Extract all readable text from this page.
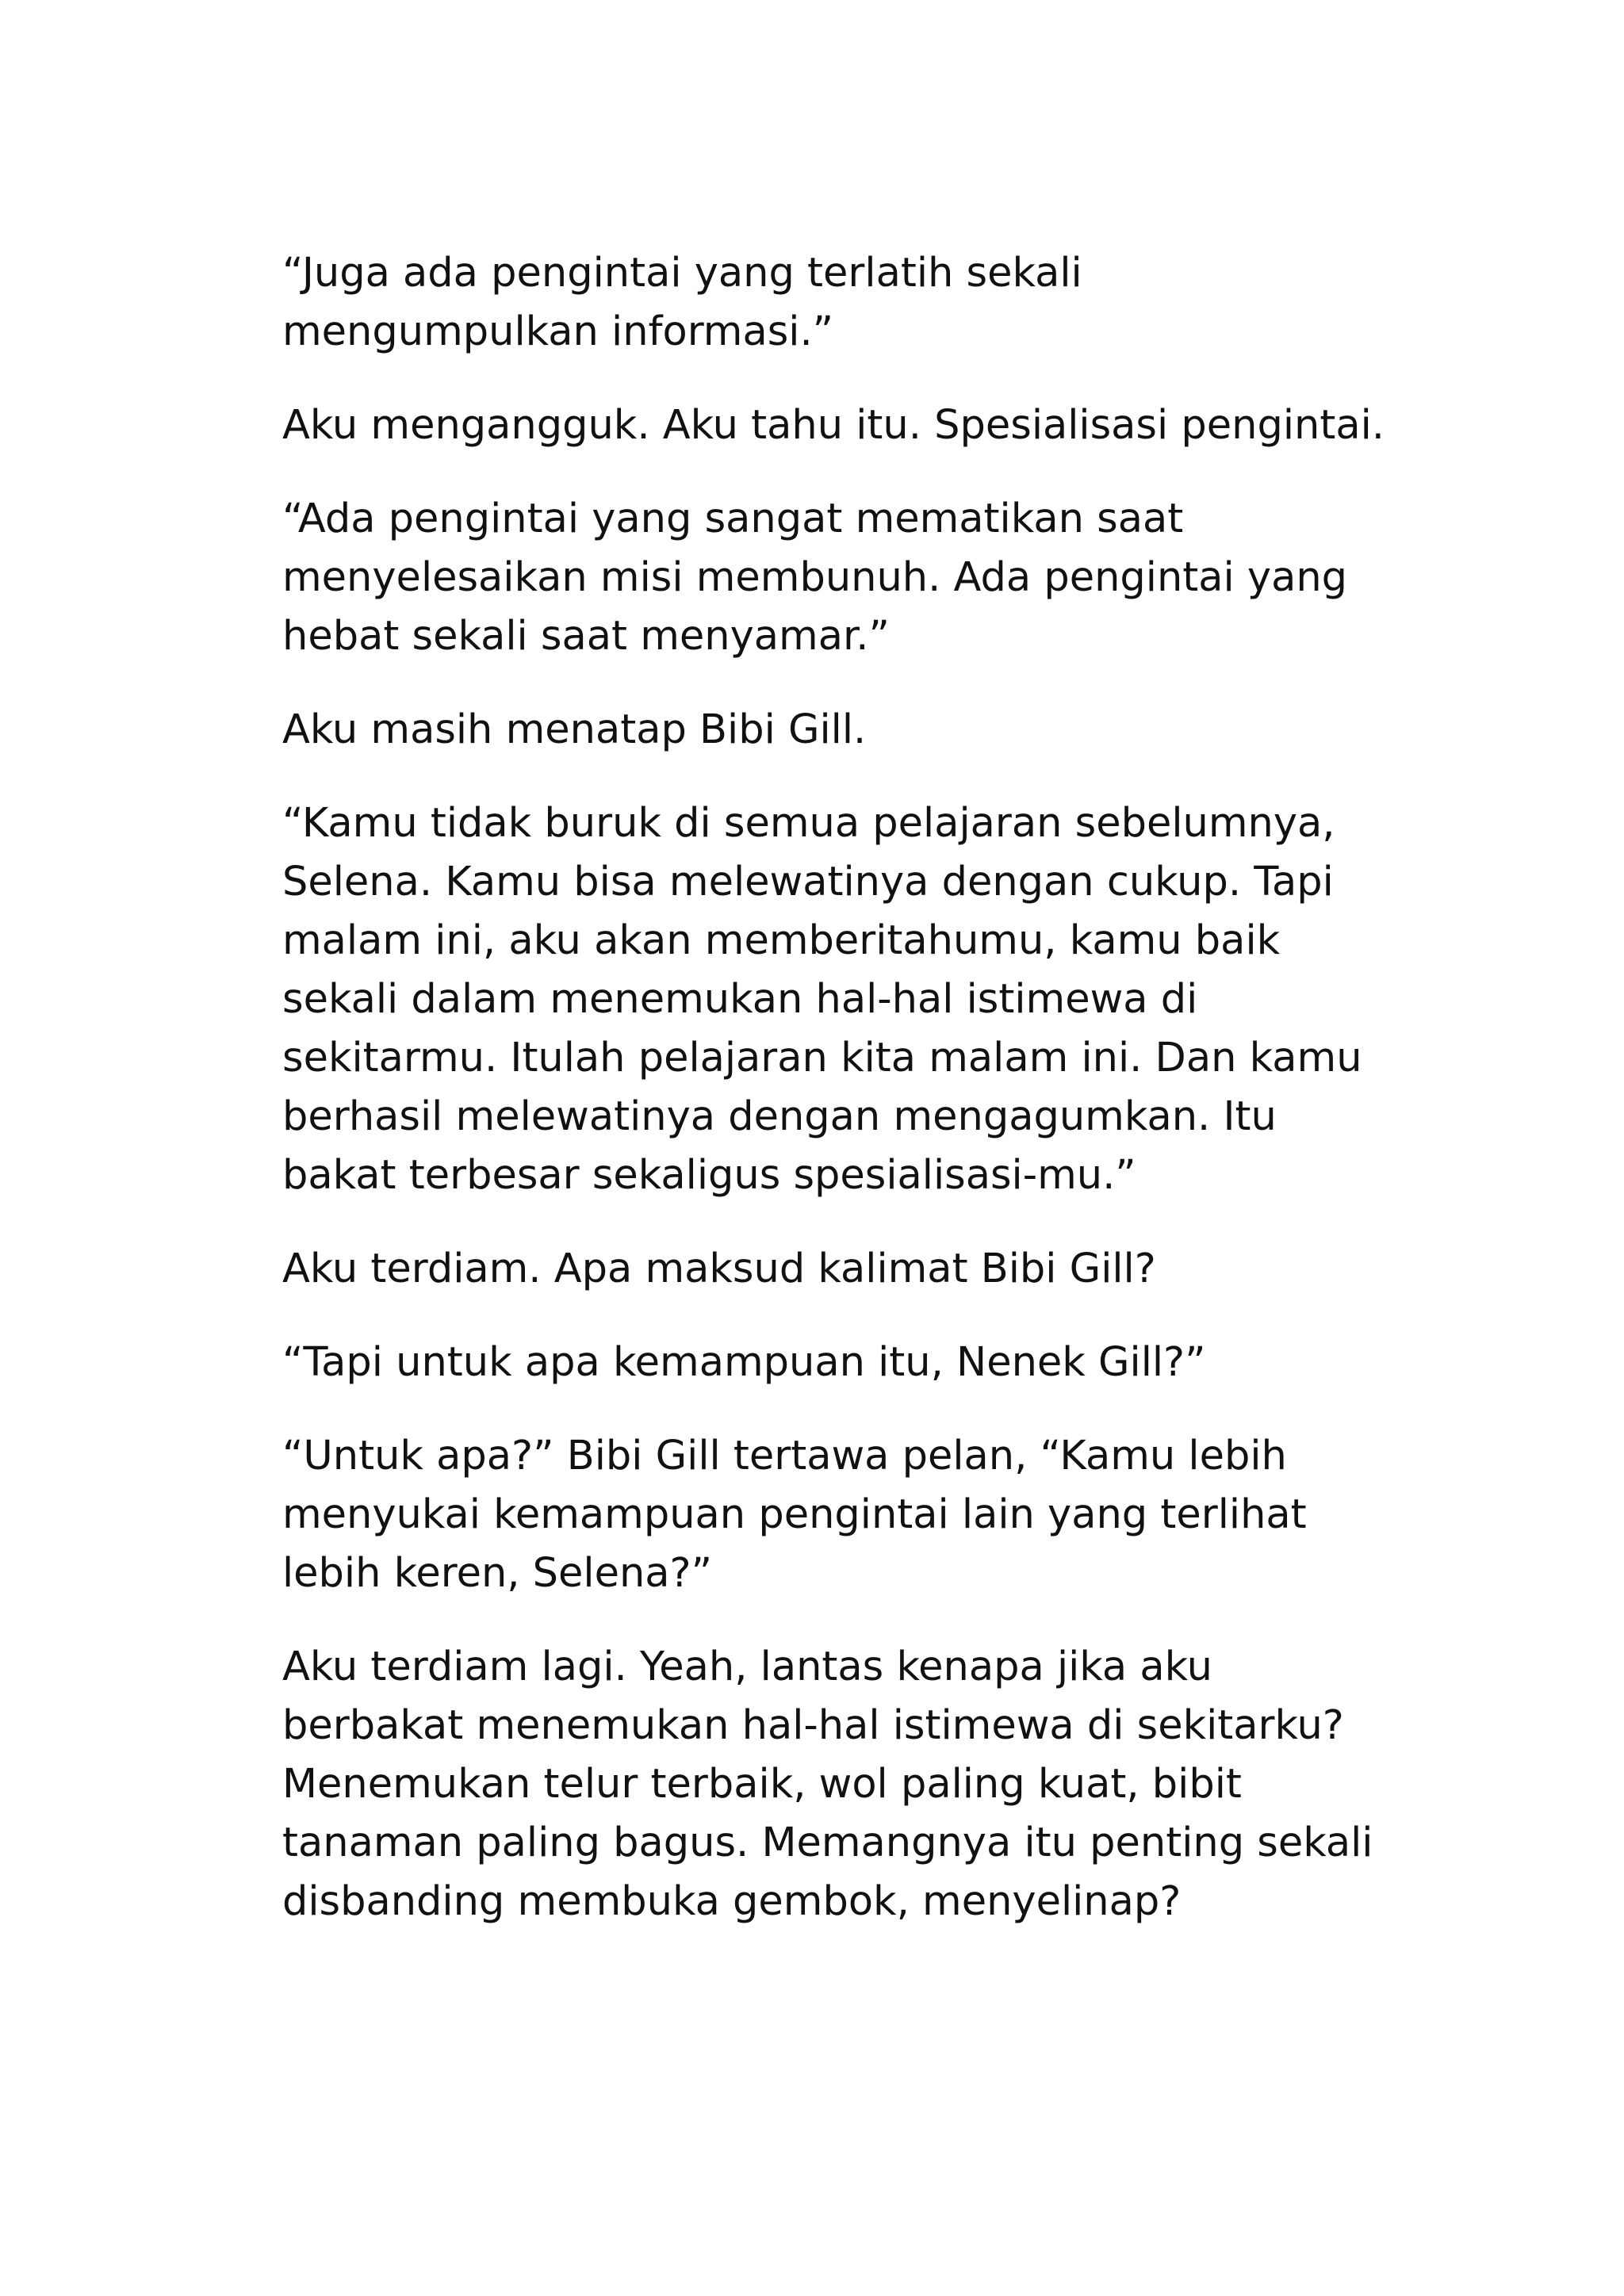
“Juga ada pengintai yang terlatih sekali mengumpulkan informasi.”

Aku mengangguk. Aku tahu itu. Spesialisasi pengintai.

“Ada pengintai yang sangat mematikan saat menyelesaikan misi membunuh. Ada pengintai yang hebat sekali saat menyamar.”

Aku masih menatap Bibi Gill.

“Kamu tidak buruk di semua pelajaran sebelumnya, Selena. Kamu bisa melewatinya dengan cukup. Tapi malam ini, aku akan memberitahumu, kamu baik sekali dalam menemukan hal-hal istimewa di sekitarmu. Itulah pelajaran kita malam ini. Dan kamu berhasil melewatinya dengan mengagumkan. Itu bakat terbesar sekaligus spesialisasi-mu.”

Aku terdiam. Apa maksud kalimat Bibi Gill?

“Tapi untuk apa kemampuan itu, Nenek Gill?”

“Untuk apa?” Bibi Gill tertawa pelan, “Kamu lebih menyukai kemampuan pengintai lain yang terlihat lebih keren, Selena?”

Aku terdiam lagi. Yeah, lantas kenapa jika aku berbakat menemukan hal-hal istimewa di sekitarku? Menemukan telur terbaik, wol paling kuat, bibit tanaman paling bagus. Memangnya itu penting sekali disbanding membuka gembok, menyelinap?
